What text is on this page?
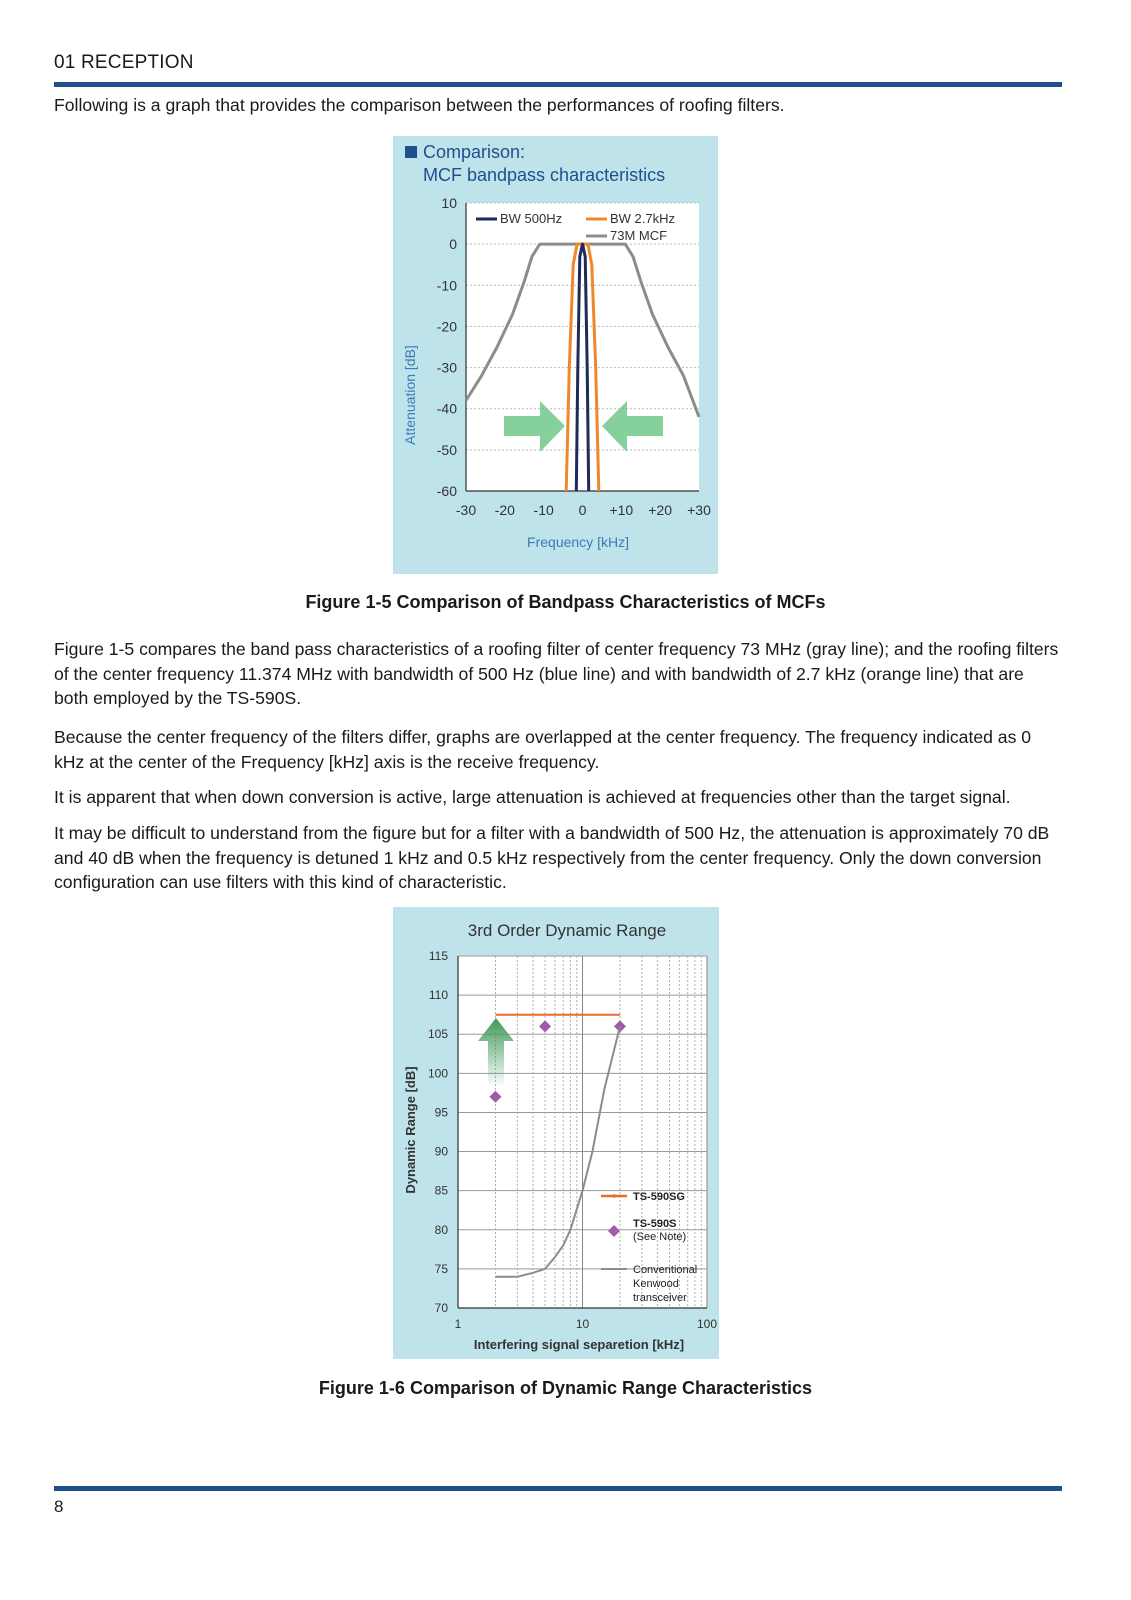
01 RECEPTION

Following is a graph that provides the comparison between the performances of roofing filters.

Comparison:
MCF bandpass characteristics
Attenuation [dB]
Frequency [kHz]
10
0
-10
-20
-30
-40
-50
-60
-30 -20 -10 0 +10 +20 +30
BW 500Hz	BW 2.7kHz
73M MCF

Figure 1-5 Comparison of Bandpass Characteristics of MCFs

Figure 1-5 compares the band pass characteristics of a roofing filter of center frequency 73 MHz (gray line); and the roofing filters of the center frequency 11.374 MHz with bandwidth of 500 Hz (blue line) and with bandwidth of 2.7 kHz (orange line) that are both employed by the TS-590S.

Because the center frequency of the filters differ, graphs are overlapped at the center frequency. The frequency indicated as 0 kHz at the center of the Frequency [kHz] axis is the receive frequency.

It is apparent that when down conversion is active, large attenuation is achieved at frequencies other than the target signal.

It may be difficult to understand from the figure but for a filter with a bandwidth of 500 Hz, the attenuation is approximately 70 dB and 40 dB when the frequency is detuned 1 kHz and 0.5 kHz respectively from the center frequency. Only the down conversion configuration can use filters with this kind of characteristic.

3rd Order Dynamic Range
Dynamic Range [dB]
Interfering signal separetion [kHz]
115
110
105
100
95
90
85
80
75
70
1	10	100
TS-590SG
TS-590S
(See Note)
Conventional
Kenwood
transceiver

Figure 1-6 Comparison of Dynamic Range Characteristics

8
